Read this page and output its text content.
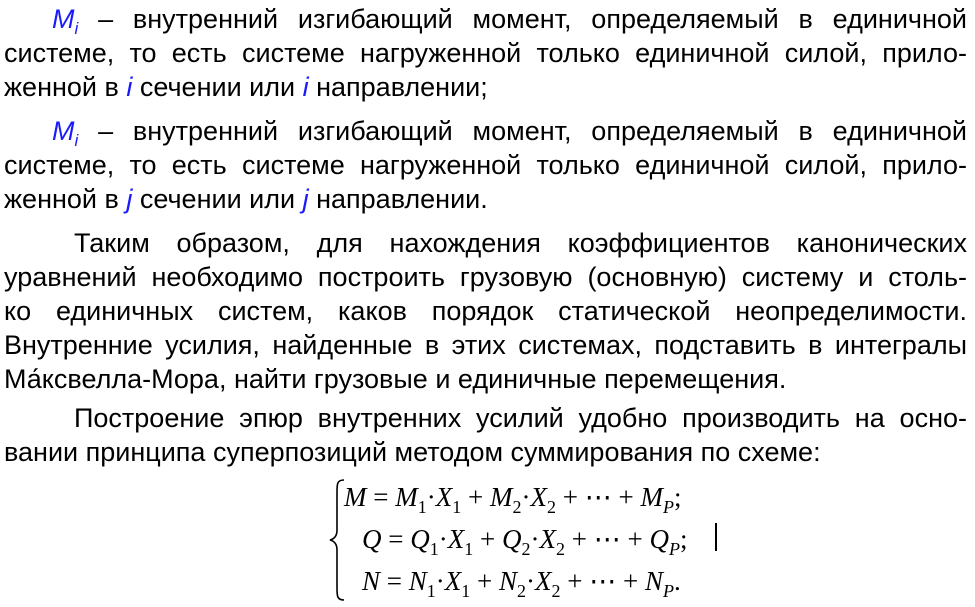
$M_i$ – внутренний изгибающий момент, определяемый в единичной
системе, то есть системе нагруженной только единичной силой, прило-
женной в i сечении или i направлении;
$M_i$ – внутренний изгибающий момент, определяемый в единичной
системе, то есть системе нагруженной только единичной силой, прило-
женной в j сечении или j направлении.
Таким образом, для нахождения коэффициентов канонических
уравнений необходимо построить грузовую (основную) систему и столь-
ко единичных систем, каков порядок статической неопределимости.
Внутренние усилия, найденные в этих системах, подставить в интегралы
Ма́ксвелла-Мора, найти грузовые и единичные перемещения.
Построение эпюр внутренних усилий удобно производить на осно-
вании принципа суперпозиций методом суммирования по схеме:
$M = M_1\cdot X_1 + M_2\cdot X_2$ + ⋯ + $M_P$;
$Q = Q_1\cdot X_1 + Q_2\cdot X_2$ + ⋯ + $Q_P$;
$N = N_1\cdot X_1 + N_2\cdot X_2$ + ⋯ + $N_P$.
